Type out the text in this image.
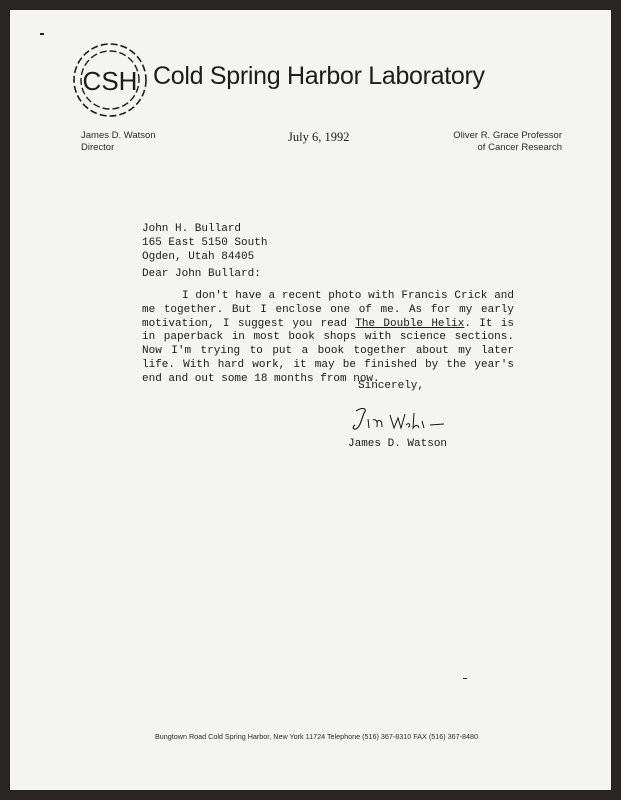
CSH Cold Spring Harbor Laboratory
James D. Watson
Director
July 6, 1992	Oliver R. Grace Professor
of Cancer Research
John H. Bullard
165 East 5150 South
Ogden, Utah 84405
Dear John Bullard:
I don't have a recent photo with Francis Crick and me together. But I enclose one of me. As for my early motivation, I suggest you read The Double Helix. It is in paperback in most book shops with science sections. Now I'm trying to put a book together about my later life. With hard work, it may be finished by the year's end and out some 18 months from now.
Sincerely,
James D. Watson
Bungtown Road Cold Spring Harbor, New York 11724 Telephone (516) 367-8310 FAX (516) 367-8480
